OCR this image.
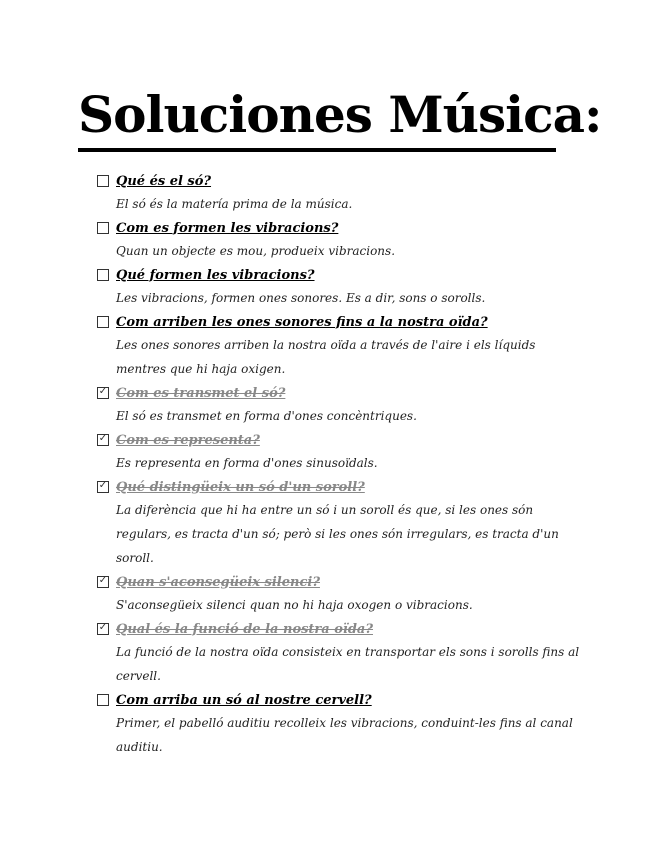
Soluciones Música:
Qué és el só?

El só és la matería prima de la música.

Com es formen les vibracions?

Quan un objecte es mou, produeix vibracions.

Qué formen les vibracions?

Les vibracions, formen ones sonores. Es a dir, sons o sorolls.

Com arriben les ones sonores fins a la nostra oïda?

Les ones sonores arriben la nostra oïda a través de l'aire i els líquids mentres que hi haja oxigen.

✓
Com es transmet el só?

El só es transmet en forma d'ones concèntriques.

✓
Com es representa?

Es representa en forma d'ones sinusoïdals.

✓
Qué distingüeix un só d'un soroll?

La diferència que hi ha entre un só i un soroll és que, si les ones són regulars, es tracta d'un só; però si les ones són irregulars, es tracta d'un soroll.

✓
Quan s'aconsegüeix silenci?

S'aconsegüeix silenci quan no hi haja oxogen o vibracions.

✓
Qual és la funció de la nostra oïda?

La funció de la nostra oïda consisteix en transportar els sons i sorolls fins al cervell.

Com arriba un só al nostre cervell?

Primer, el pabelló auditiu recolleix les vibracions, conduint-les fins al canal auditiu.
